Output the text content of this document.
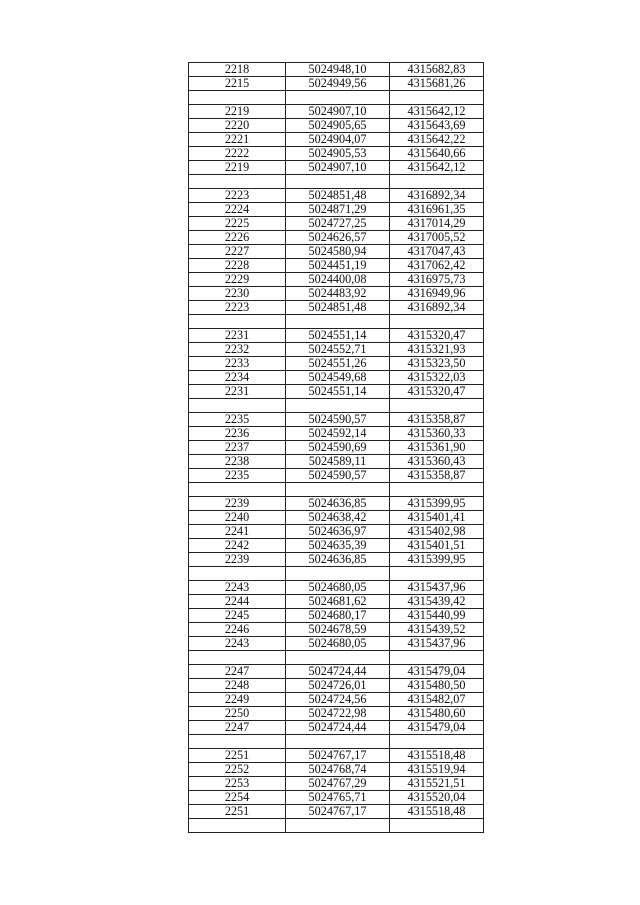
2218	5024948,10	4315682,83
2215	5024949,56	4315681,26
2219	5024907,10	4315642,12
2220	5024905,65	4315643,69
2221	5024904,07	4315642,22
2222	5024905,53	4315640,66
2219	5024907,10	4315642,12
2223	5024851,48	4316892,34
2224	5024871,29	4316961,35
2225	5024727,25	4317014,29
2226	5024626,57	4317005,52
2227	5024580,94	4317047,43
2228	5024451,19	4317062,42
2229	5024400,08	4316975,73
2230	5024483,92	4316949,96
2223	5024851,48	4316892,34
2231	5024551,14	4315320,47
2232	5024552,71	4315321,93
2233	5024551,26	4315323,50
2234	5024549,68	4315322,03
2231	5024551,14	4315320,47
2235	5024590,57	4315358,87
2236	5024592,14	4315360,33
2237	5024590,69	4315361,90
2238	5024589,11	4315360,43
2235	5024590,57	4315358,87
2239	5024636,85	4315399,95
2240	5024638,42	4315401,41
2241	5024636,97	4315402,98
2242	5024635,39	4315401,51
2239	5024636,85	4315399,95
2243	5024680,05	4315437,96
2244	5024681,62	4315439,42
2245	5024680,17	4315440,99
2246	5024678,59	4315439,52
2243	5024680,05	4315437,96
2247	5024724,44	4315479,04
2248	5024726,01	4315480,50
2249	5024724,56	4315482,07
2250	5024722,98	4315480,60
2247	5024724,44	4315479,04
2251	5024767,17	4315518,48
2252	5024768,74	4315519,94
2253	5024767,29	4315521,51
2254	5024765,71	4315520,04
2251	5024767,17	4315518,48
